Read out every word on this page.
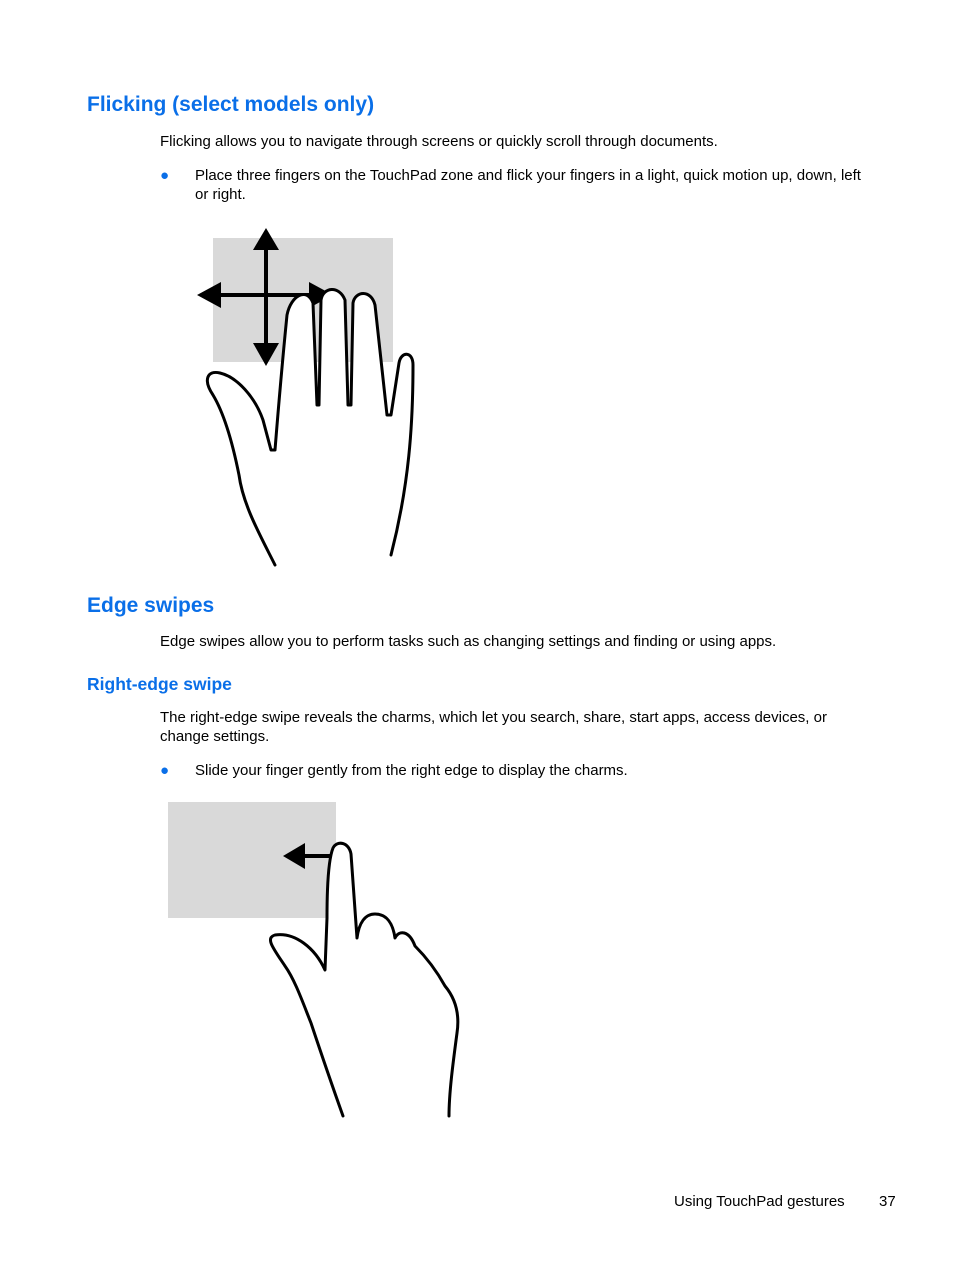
Flicking (select models only)

Flicking allows you to navigate through screens or quickly scroll through documents.

● Place three fingers on the TouchPad zone and flick your fingers in a light, quick motion up, down, left or right.
Edge swipes

Edge swipes allow you to perform tasks such as changing settings and finding or using apps.

Right-edge swipe

The right-edge swipe reveals the charms, which let you search, share, start apps, access devices, or change settings.

● Slide your finger gently from the right edge to display the charms.
Using TouchPad gestures 37
